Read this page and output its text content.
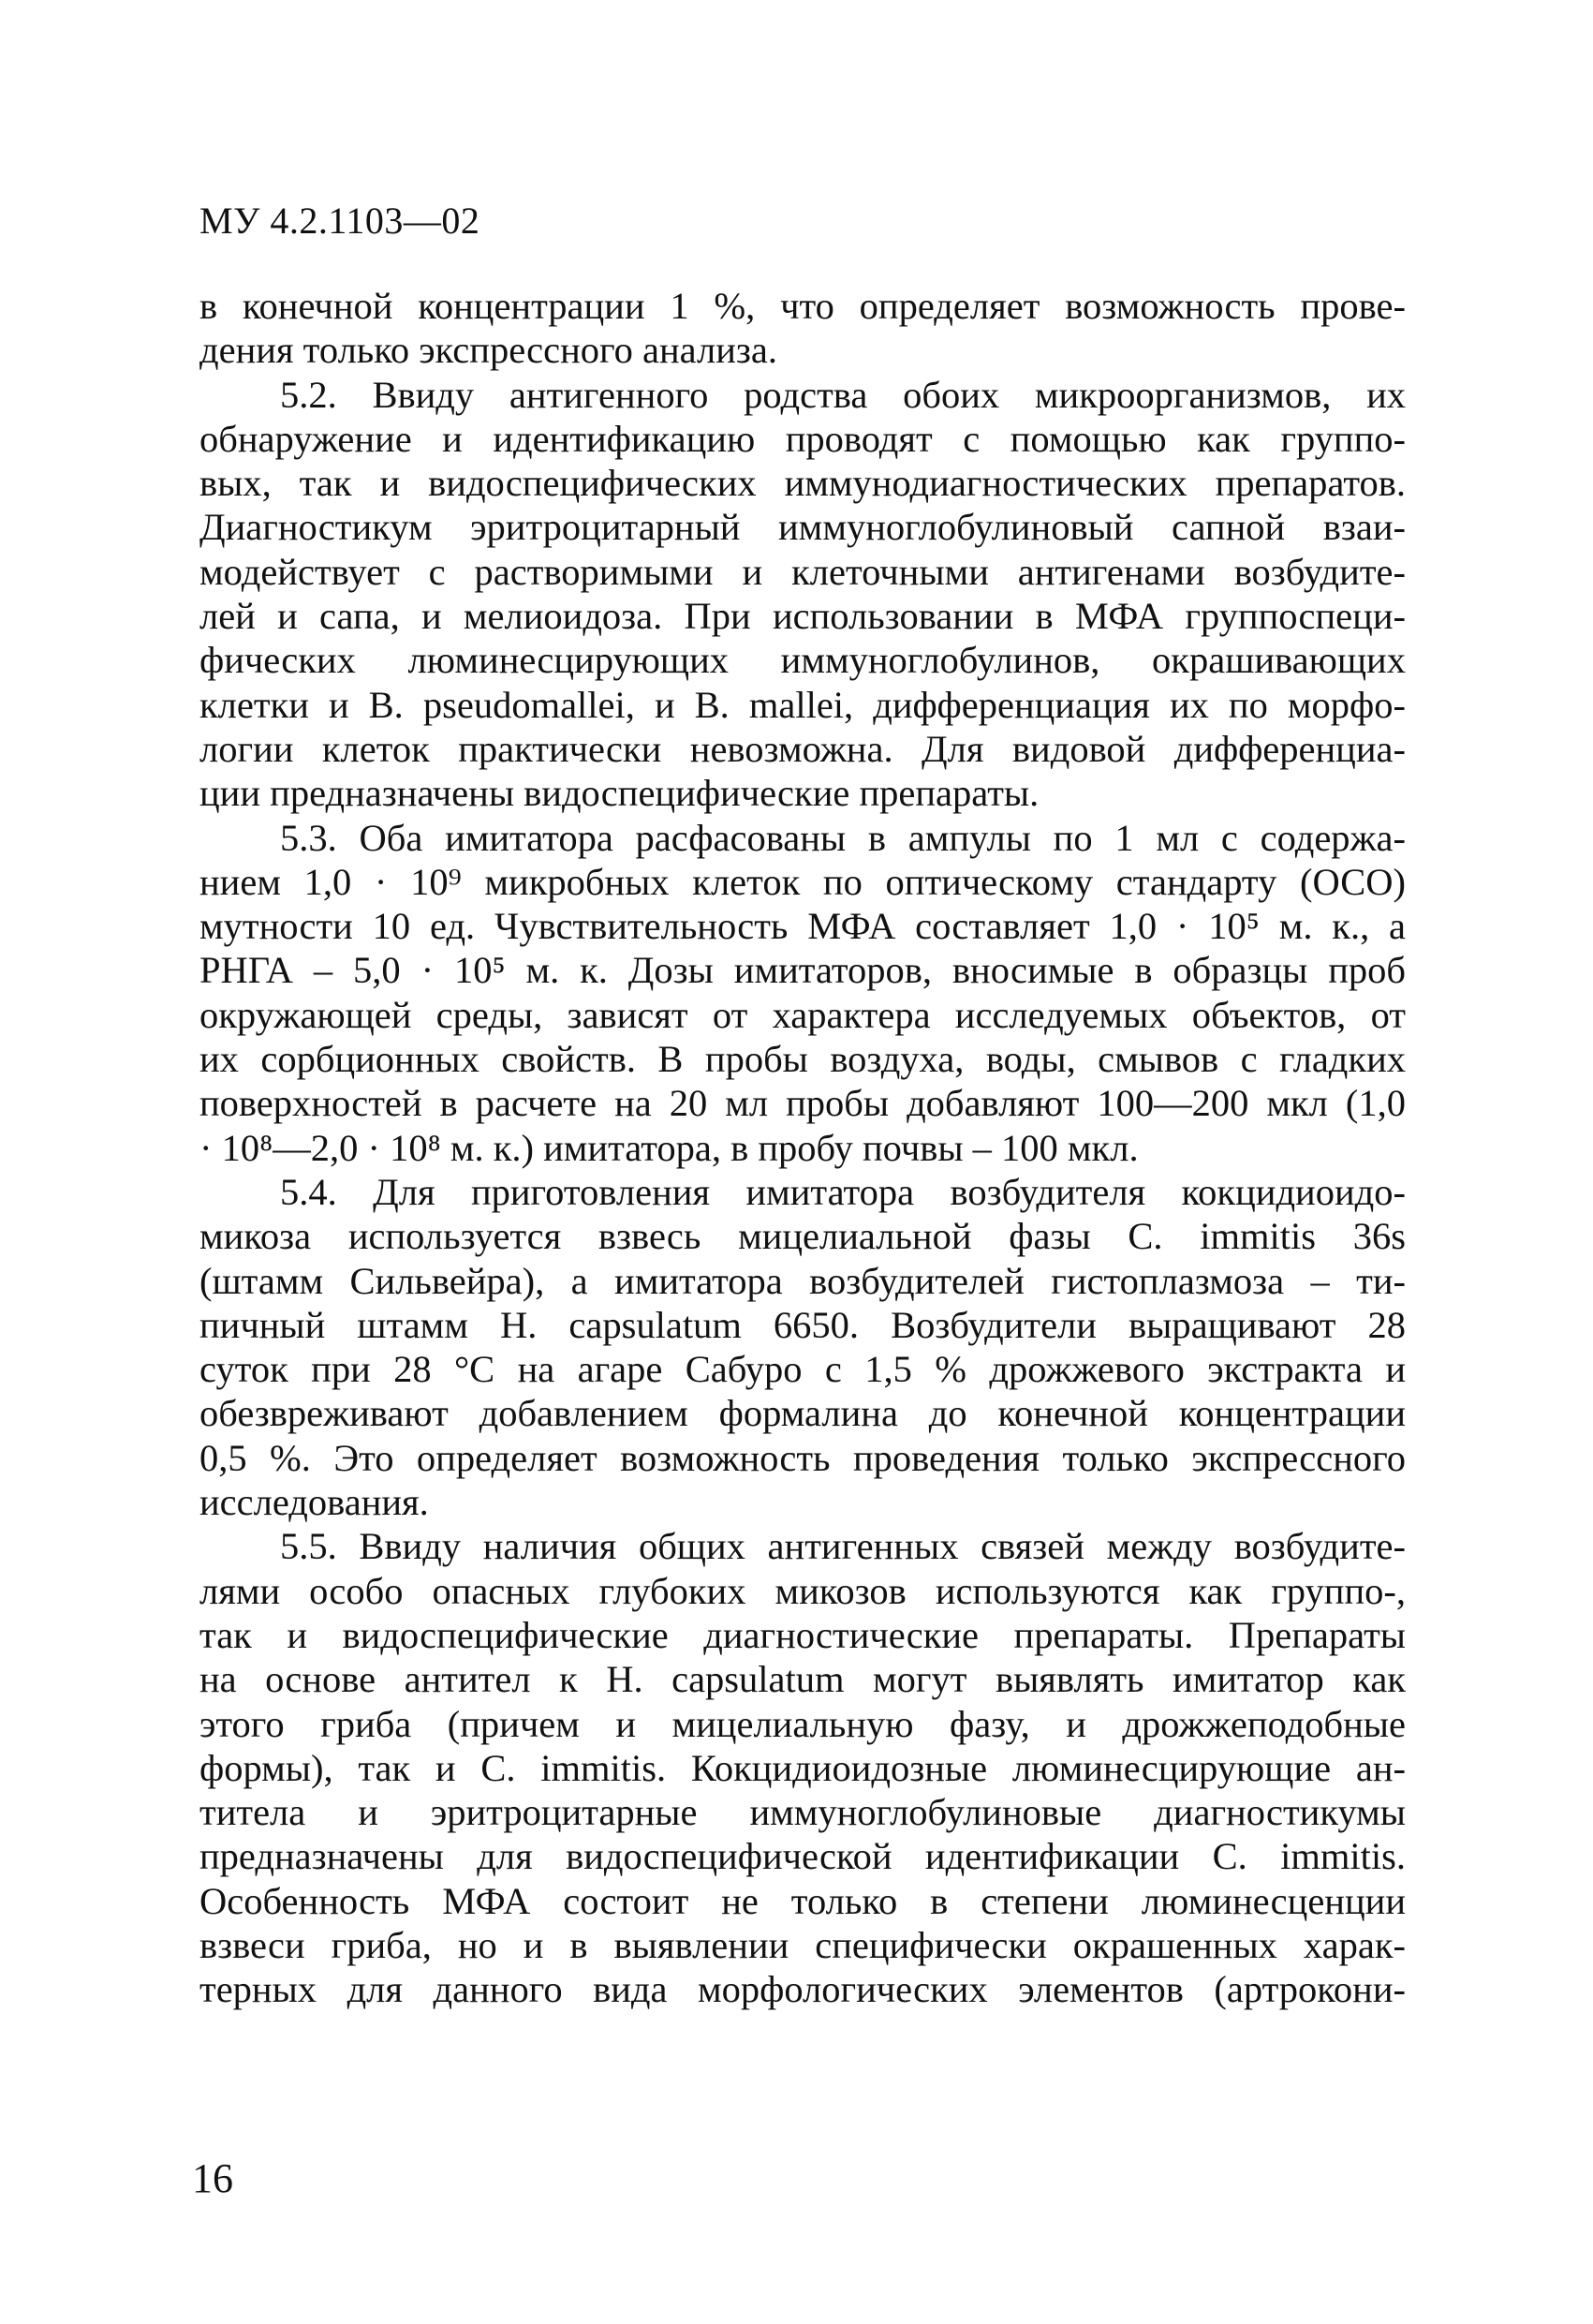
МУ 4.2.1103—02
в конечной концентрации 1 %, что определяет возможность прове-
дения только экспрессного анализа.
5.2. Ввиду антигенного родства обоих микроорганизмов, их
обнаружение и идентификацию проводят с помощью как группо-
вых, так и видоспецифических иммунодиагностических препаратов.
Диагностикум эритроцитарный иммуноглобулиновый сапной взаи-
модействует с растворимыми и клеточными антигенами возбудите-
лей и сапа, и мелиоидоза. При использовании в МФА группоспеци-
фических люминесцирующих иммуноглобулинов, окрашивающих
клетки и B. pseudomallei, и B. mallei, дифференциация их по морфо-
логии клеток практически невозможна. Для видовой дифференциа-
ции предназначены видоспецифические препараты.
5.3. Оба имитатора расфасованы в ампулы по 1 мл с содержа-
нием 1,0 · 10⁹ микробных клеток по оптическому стандарту (ОСО)
мутности 10 ед. Чувствительность МФА составляет 1,0 · 10⁵ м. к., а
РНГА – 5,0 · 10⁵ м. к. Дозы имитаторов, вносимые в образцы проб
окружающей среды, зависят от характера исследуемых объектов, от
их сорбционных свойств. В пробы воздуха, воды, смывов с гладких
поверхностей в расчете на 20 мл пробы добавляют 100—200 мкл (1,0
· 10⁸—2,0 · 10⁸ м. к.) имитатора, в пробу почвы – 100 мкл.
5.4. Для приготовления имитатора возбудителя кокцидиоидо-
микоза используется взвесь мицелиальной фазы C. immitis 36s
(штамм Сильвейра), а имитатора возбудителей гистоплазмоза – ти-
пичный штамм H. capsulatum 6650. Возбудители выращивают 28
суток при 28 °С на агаре Сабуро с 1,5 % дрожжевого экстракта и
обезвреживают добавлением формалина до конечной концентрации
0,5 %. Это определяет возможность проведения только экспрессного
исследования.
5.5. Ввиду наличия общих антигенных связей между возбудите-
лями особо опасных глубоких микозов используются как группо-,
так и видоспецифические диагностические препараты. Препараты
на основе антител к H. capsulatum могут выявлять имитатор как
этого гриба (причем и мицелиальную фазу, и дрожжеподобные
формы), так и C. immitis. Кокцидиоидозные люминесцирующие ан-
титела и эритроцитарные иммуноглобулиновые диагностикумы
предназначены для видоспецифической идентификации C. immitis.
Особенность МФА состоит не только в степени люминесценции
взвеси гриба, но и в выявлении специфически окрашенных харак-
терных для данного вида морфологических элементов (артрокони-
16
